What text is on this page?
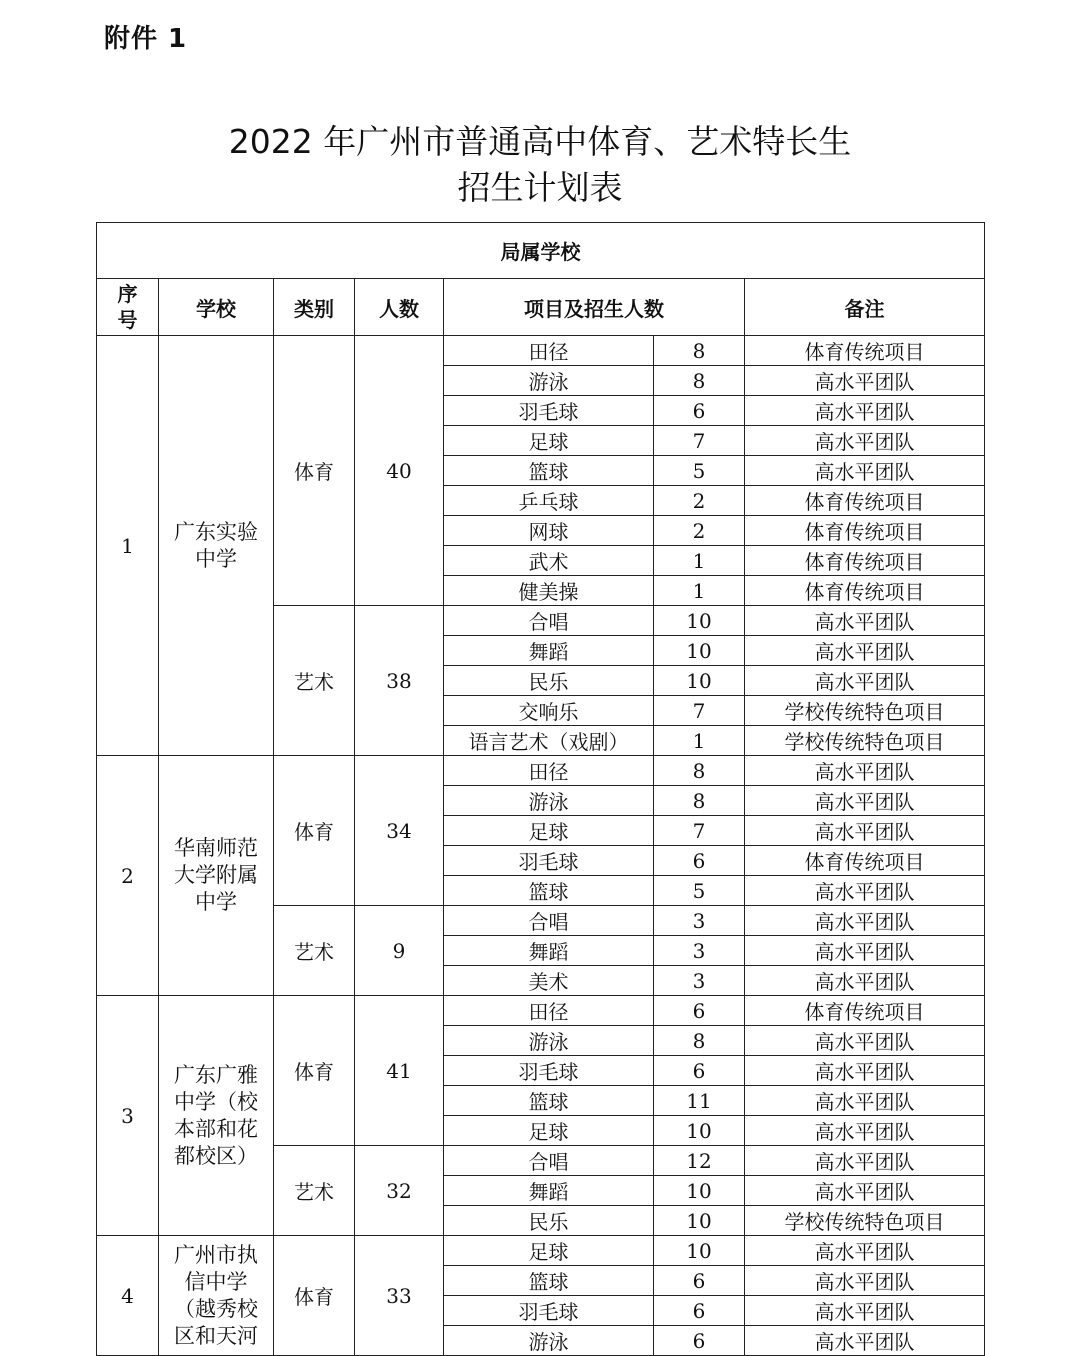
附件 1
2022 年广州市普通高中体育、艺术特长生
招生计划表
局属学校						
序号	学校	类别	人数	项目及招生人数		备注
1	广东实验中学	体育	40	田径	8	体育传统项目
				游泳	8	高水平团队
				羽毛球	6	高水平团队
				足球	7	高水平团队
				篮球	5	高水平团队
				乒乓球	2	体育传统项目
				网球	2	体育传统项目
				武术	1	体育传统项目
				健美操	1	体育传统项目
		艺术	38	合唱	10	高水平团队
				舞蹈	10	高水平团队
				民乐	10	高水平团队
				交响乐	7	学校传统特色项目
				语言艺术（戏剧）	1	学校传统特色项目
2	华南师范大学附属中学	体育	34	田径	8	高水平团队
				游泳	8	高水平团队
				足球	7	高水平团队
				羽毛球	6	体育传统项目
				篮球	5	高水平团队
		艺术	9	合唱	3	高水平团队
				舞蹈	3	高水平团队
				美术	3	高水平团队
3	广东广雅中学（校本部和花都校区）	体育	41	田径	6	体育传统项目
				游泳	8	高水平团队
				羽毛球	6	高水平团队
				篮球	11	高水平团队
				足球	10	高水平团队
		艺术	32	合唱	12	高水平团队
				舞蹈	10	高水平团队
				民乐	10	学校传统特色项目
4	广州市执信中学（越秀校区和天河	体育	33	足球	10	高水平团队
				篮球	6	高水平团队
				羽毛球	6	高水平团队
				游泳	6	高水平团队
